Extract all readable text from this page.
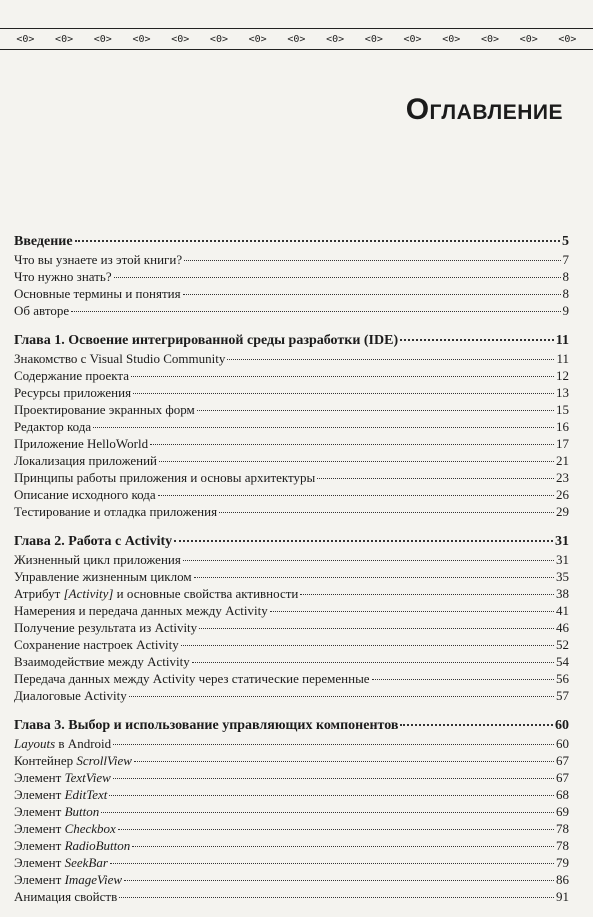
<0> <0> <0> <0> <0> <0> <0> <0> <0> <0> <0> <0> <0> <0> <0>
Оглавление
Введение	5
Что вы узнаете из этой книги?	7
Что нужно знать?	8
Основные термины и понятия	8
Об авторе	9
Глава 1. Освоение интегрированной среды разработки (IDE)	11
Знакомство с Visual Studio Community	11
Содержание проекта	12
Ресурсы приложения	13
Проектирование экранных форм	15
Редактор кода	16
Приложение HelloWorld	17
Локализация приложений	21
Принципы работы приложения и основы архитектуры	23
Описание исходного кода	26
Тестирование и отладка приложения	29
Глава 2. Работа с Activity	31
Жизненный цикл приложения	31
Управление жизненным циклом	35
Атрибут [Activity] и основные свойства активности	38
Намерения и передача данных между Activity	41
Получение результата из Activity	46
Сохранение настроек Activity	52
Взаимодействие между Activity	54
Передача данных между Activity через статические переменные	56
Диалоговые Activity	57
Глава 3. Выбор и использование управляющих компонентов	60
Layouts в Android	60
Контейнер ScrollView	67
Элемент TextView	67
Элемент EditText	68
Элемент Button	69
Элемент Checkbox	78
Элемент RadioButton	78
Элемент SeekBar	79
Элемент ImageView	86
Анимация свойств	91
